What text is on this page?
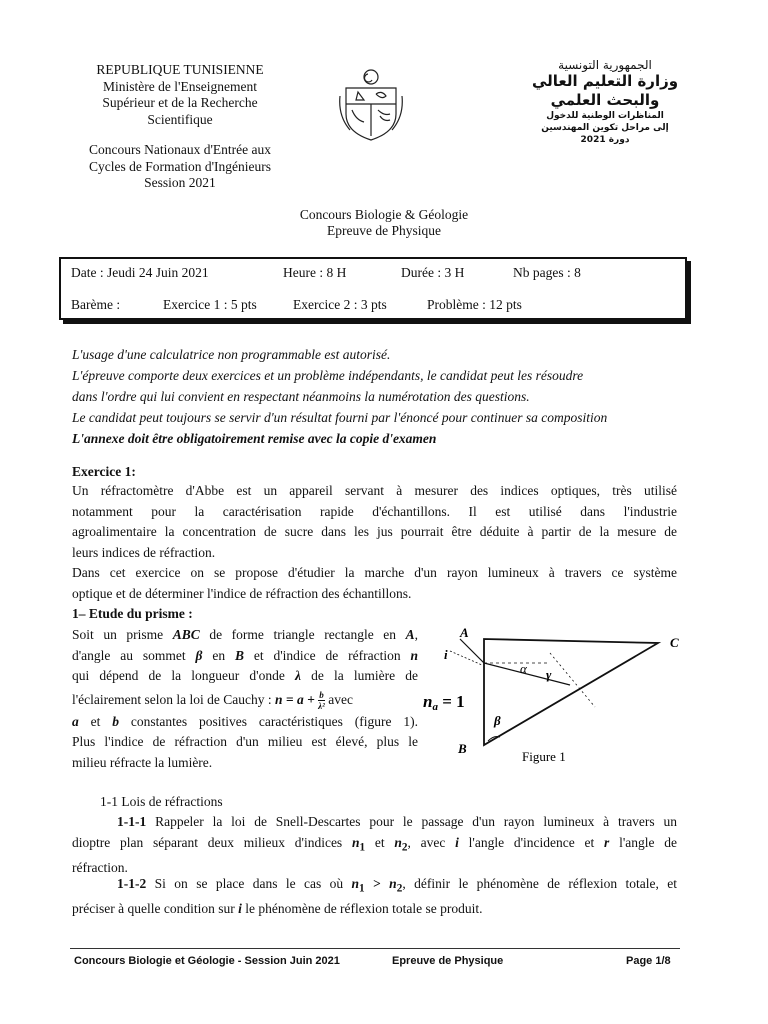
REPUBLIQUE TUNISIENNE
Ministère de l'Enseignement
Supérieur et de la Recherche
Scientifique
Concours Nationaux d'Entrée aux
Cycles de Formation d'Ingénieurs
Session 2021
الجمهورية التونسية
وزارة التعليم العالي
والبحث العلمي
المناظرات الوطنية للدخول
إلى مراحل تكوين المهندسين
دورة 2021
Concours Biologie & Géologie
Epreuve de Physique
Date : Jeudi 24 Juin 2021	Heure : 8 H	Durée : 3 H	Nb pages : 8
Barème :	Exercice 1 : 5 pts	Exercice 2 : 3 pts	Problème : 12 pts
L'usage d'une calculatrice non programmable est autorisé.
L'épreuve comporte deux exercices et un problème indépendants, le candidat peut les résoudre
dans l'ordre qui lui convient en respectant néanmoins la numérotation des questions.
Le candidat peut toujours se servir d'un résultat fourni par l'énoncé pour continuer sa composition
L'annexe doit être obligatoirement remise avec la copie d'examen
Exercice 1:
Un réfractomètre d'Abbe est un appareil servant à mesurer des indices optiques, très utilisé
notamment pour la caractérisation rapide d'échantillons. Il est utilisé dans l'industrie
agroalimentaire la concentration de sucre dans les jus pourrait être déduite à partir de la mesure de
leurs indices de réfraction.
Dans cet exercice on se propose d'étudier la marche d'un rayon lumineux à travers ce système
optique et de déterminer l'indice de réfraction des échantillons.
1– Etude du prisme :
Soit un prisme ABC de forme triangle rectangle en A,
d'angle au sommet β en B et d'indice de réfraction n
qui dépend de la longueur d'onde λ de la lumière de
l'éclairement selon la loi de Cauchy : $n = a + \frac{b}{\text{λ²}}$ avec
a et b constantes positives caractéristiques (figure 1).
Plus l'indice de réfraction d'un milieu est élevé, plus le
milieu réfracte la lumière.
A
B
C
i
α γ
β
na = 1
Figure 1
1-1 Lois de réfractions
1-1-1 Rappeler la loi de Snell-Descartes pour le passage d'un rayon lumineux à travers un
dioptre plan séparant deux milieux d'indices $n_1$ et $n_2$, avec i l'angle d'incidence et r l'angle de
réfraction.
1-1-2 Si on se place dans le cas où $n_1 > n_2$, définir le phénomène de réflexion totale, et
préciser à quelle condition sur i le phénomène de réflexion totale se produit.
Concours Biologie et Géologie - Session Juin 2021	Epreuve de Physique	Page 1/8
